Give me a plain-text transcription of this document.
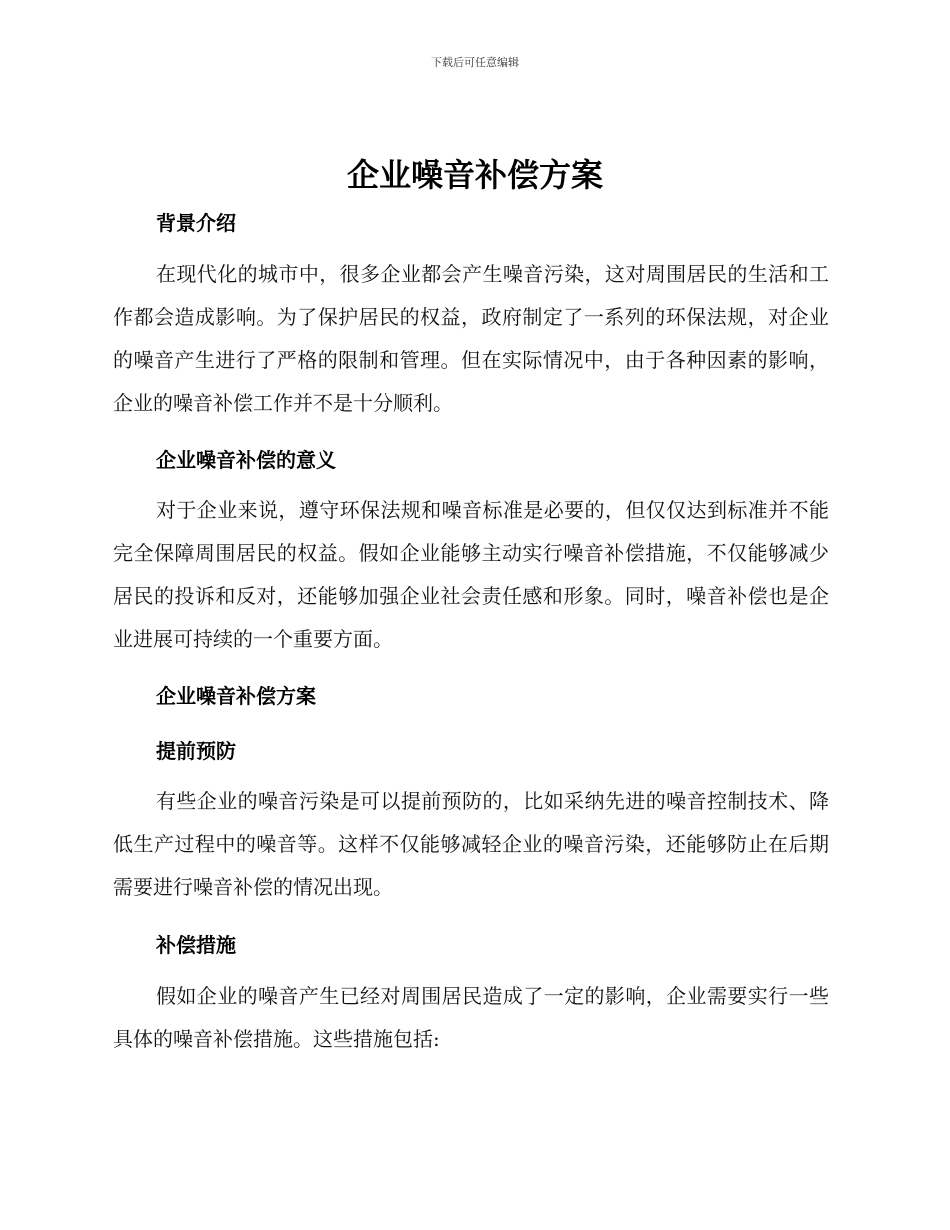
下载后可任意编辑
企业噪音补偿方案
背景介绍

在现代化的城市中，很多企业都会产生噪音污染，这对周围居民的生活和工作都会造成影响。为了保护居民的权益，政府制定了一系列的环保法规，对企业的噪音产生进行了严格的限制和管理。但在实际情况中，由于各种因素的影响，企业的噪音补偿工作并不是十分顺利。

企业噪音补偿的意义

对于企业来说，遵守环保法规和噪音标准是必要的，但仅仅达到标准并不能完全保障周围居民的权益。假如企业能够主动实行噪音补偿措施，不仅能够减少居民的投诉和反对，还能够加强企业社会责任感和形象。同时，噪音补偿也是企业进展可持续的一个重要方面。

企业噪音补偿方案
提前预防

有些企业的噪音污染是可以提前预防的，比如采纳先进的噪音控制技术、降低生产过程中的噪音等。这样不仅能够减轻企业的噪音污染，还能够防止在后期需要进行噪音补偿的情况出现。

补偿措施

假如企业的噪音产生已经对周围居民造成了一定的影响，企业需要实行一些具体的噪音补偿措施。这些措施包括:
